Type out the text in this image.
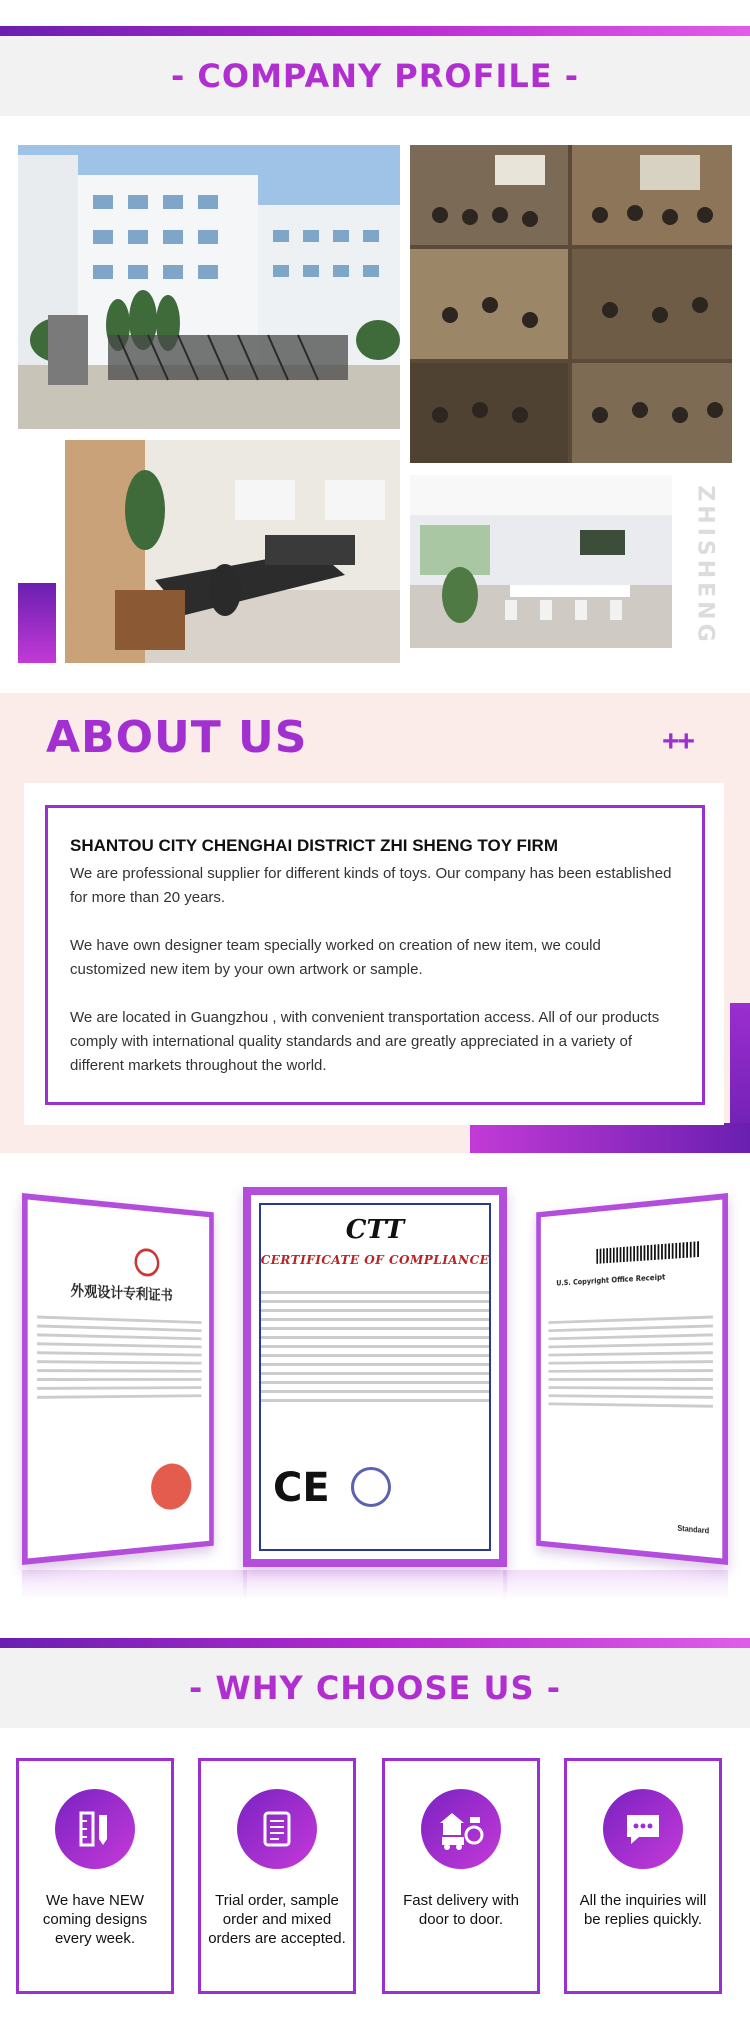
- COMPANY PROFILE -
ZHISHENG
ABOUT US	++
SHANTOU CITY CHENGHAI DISTRICT ZHI SHENG TOY FIRM

We are professional supplier for different kinds of toys. Our company has been established for more than 20 years.

We have own designer team specially worked on creation of new item, we could customized new item by your own artwork or sample.

We are located in Guangzhou , with convenient transportation access. All of our products comply with international quality standards and are greatly appreciated in a variety of different markets throughout the world.

外观设计专利证书
U.S. Copyright Office Receipt
Standard
CTT
CERTIFICATE OF COMPLIANCE
CE
- WHY CHOOSE US -
We have NEW coming designs every week.
Trial order, sample order and mixed orders are accepted.
Fast delivery with door to door.
All the inquiries will be replies quickly.
